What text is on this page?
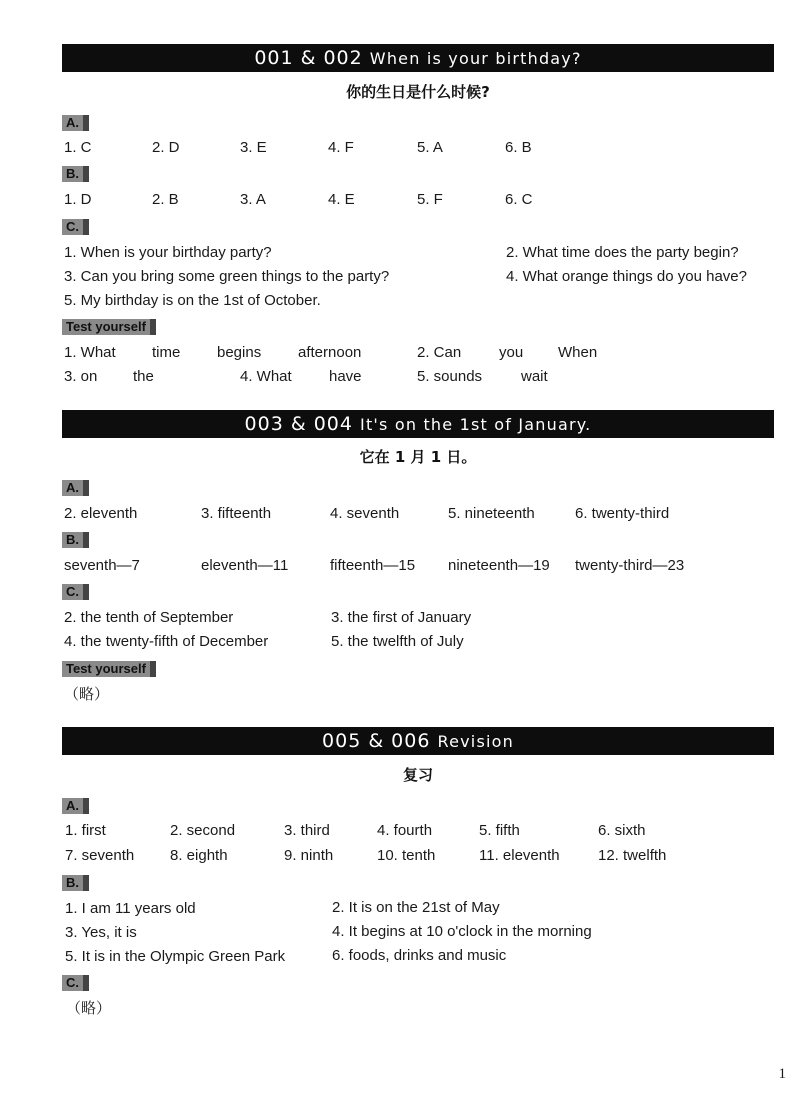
001 & 002 When is your birthday?
你的生日是什么时候?
A.
1. C	2. D	3. E	4. F	5. A	6. B
B.
1. D	2. B	3. A	4. E	5. F	6. C
C.
1. When is your birthday party?	2. What time does the party begin?
3. Can you bring some green things to the party?	4. What orange things do you have?
5. My birthday is on the 1st of October.
Test yourself
1. What time begins afternoon	2. Can	you When
3. on the	4. What have	5. sounds	wait
003 & 004 It's on the 1st of January.
它在 1 月 1 日。
A.
2. eleventh	3. fifteenth	4. seventh	5. nineteenth	6. twenty-third
B.
seventh—7	eleventh—11	fifteenth—15 nineteenth—19 twenty-third—23
C.
2. the tenth of September	3. the first of January
4. the twenty-fifth of December	5. the twelfth of July
Test yourself
（略）
005 & 006 Revision
复习
A.
1. first	2. second	3. third	4. fourth	5. fifth	6. sixth
7. seventh 8. eighth	9. ninth	10. tenth	11. eleventh	12. twelfth
B.
1. I am 11 years old	2. It is on the 21st of May
3. Yes, it is	4. It begins at 10 o'clock in the morning
5. It is in the Olympic Green Park	6. foods, drinks and music
C.
（略）
1
